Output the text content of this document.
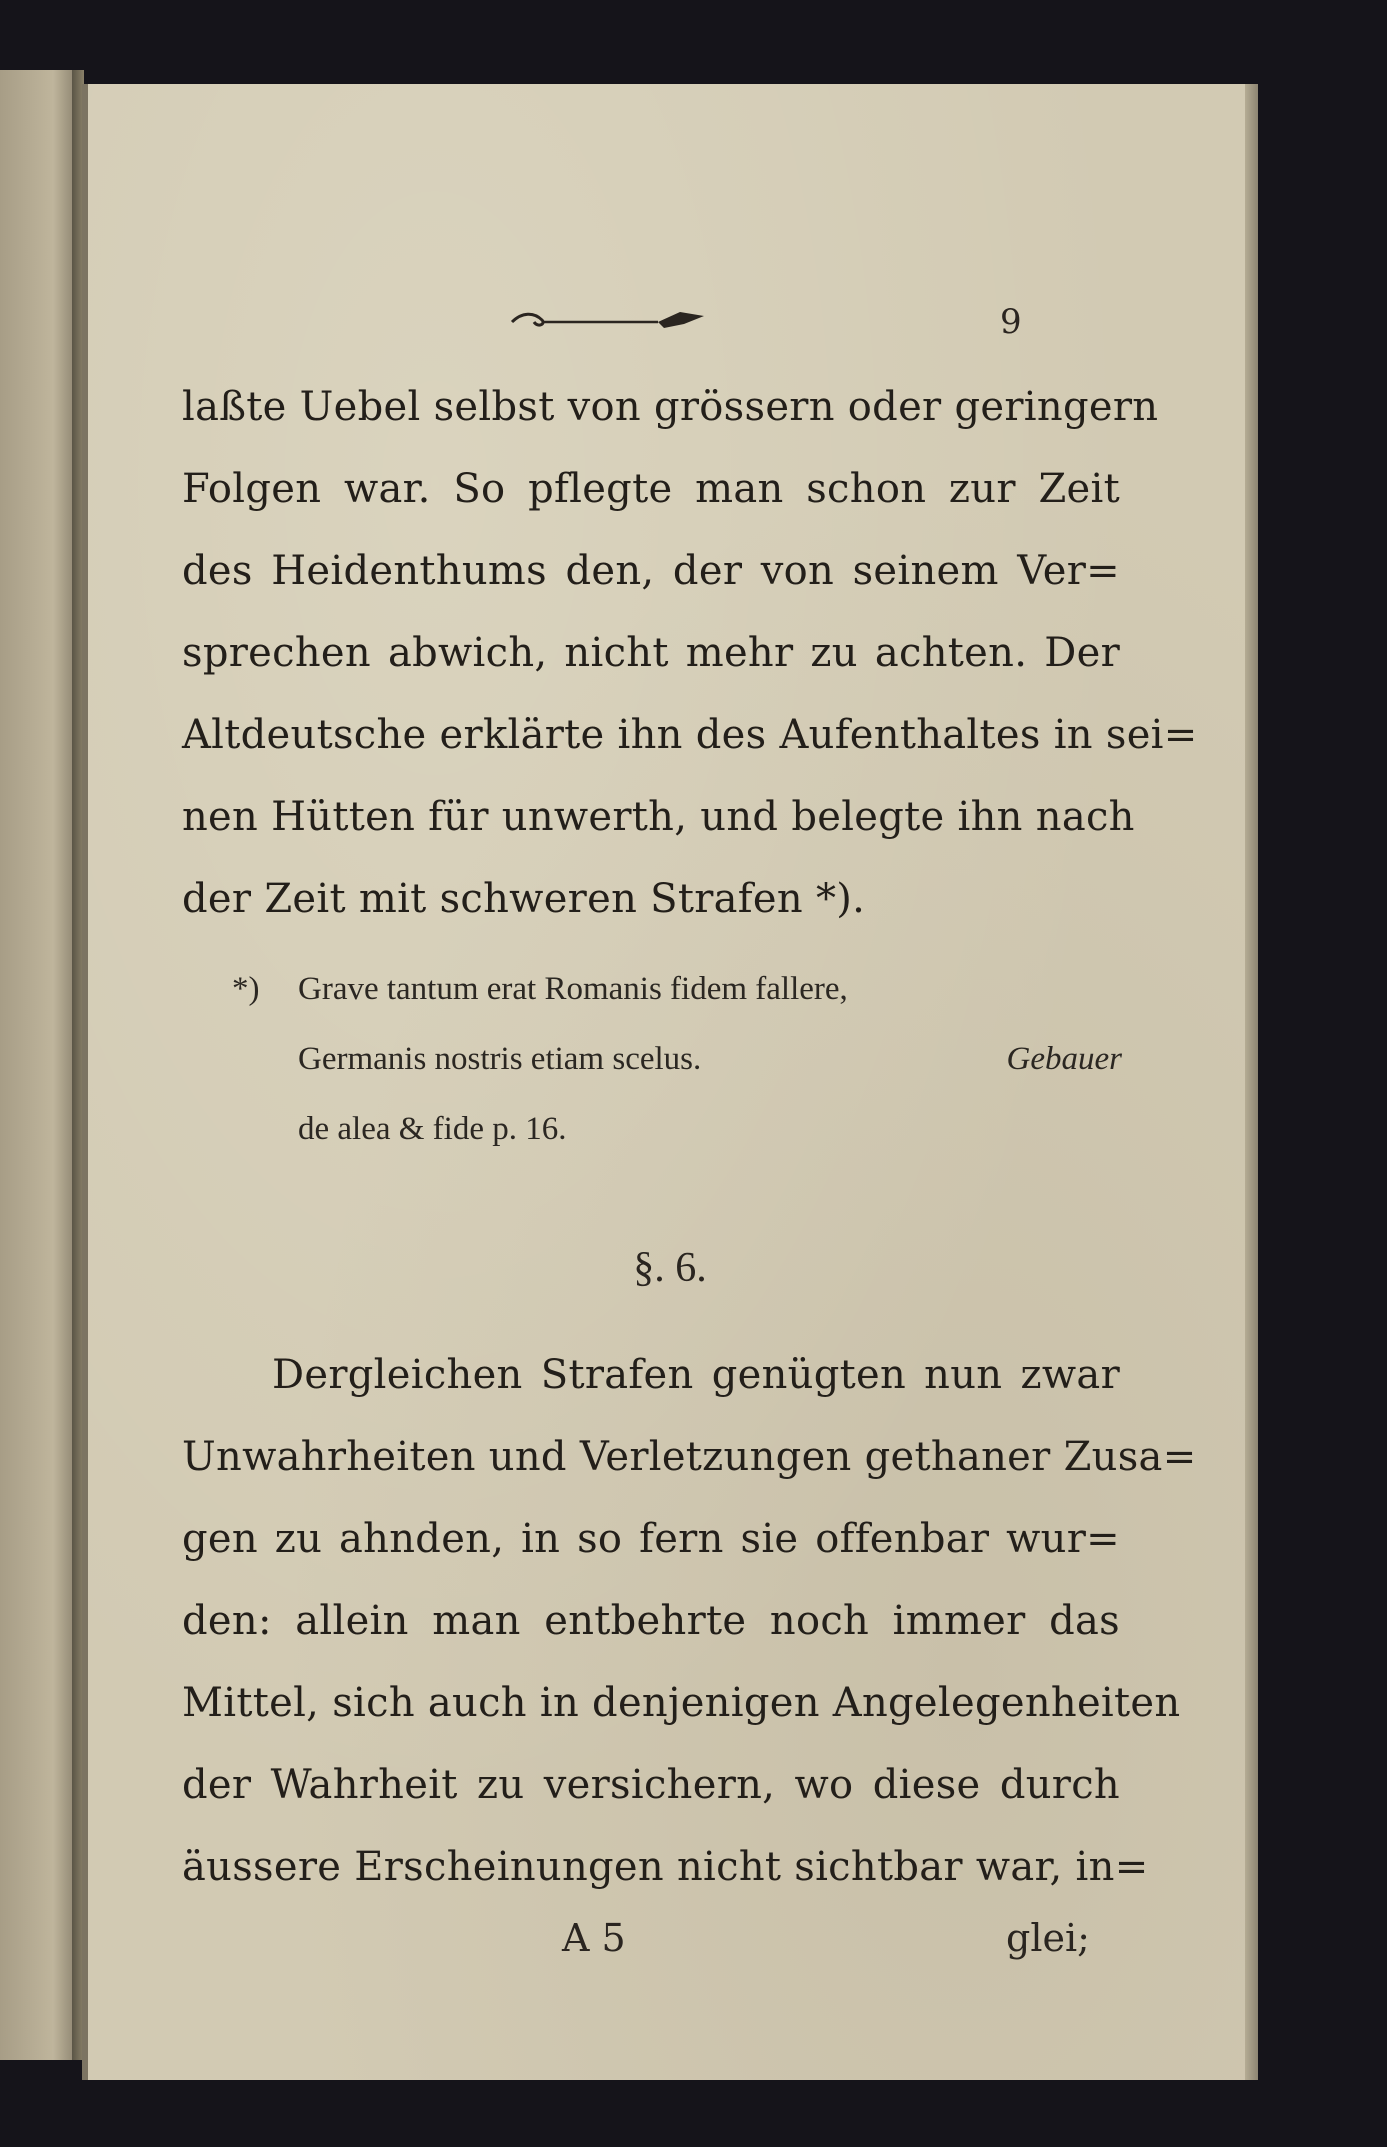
9
laßte Uebel selbst von grössern oder geringern
Folgen war. So pflegte man schon zur Zeit
des Heidenthums den, der von seinem Ver=
sprechen abwich, nicht mehr zu achten. Der
Altdeutsche erklärte ihn des Aufenthaltes in sei=
nen Hütten für unwerth, und belegte ihn nach
der Zeit mit schweren Strafen *).
*) Grave tantum erat Romanis fidem fallere,
Germanis nostris etiam scelus.	Gebauer
de alea & fide p. 16.
§. 6.
Dergleichen Strafen genügten nun zwar
Unwahrheiten und Verletzungen gethaner Zusa=
gen zu ahnden, in so fern sie offenbar wur=
den: allein man entbehrte noch immer das
Mittel, sich auch in denjenigen Angelegenheiten
der Wahrheit zu versichern, wo diese durch
äussere Erscheinungen nicht sichtbar war, in=
A 5	glei;
